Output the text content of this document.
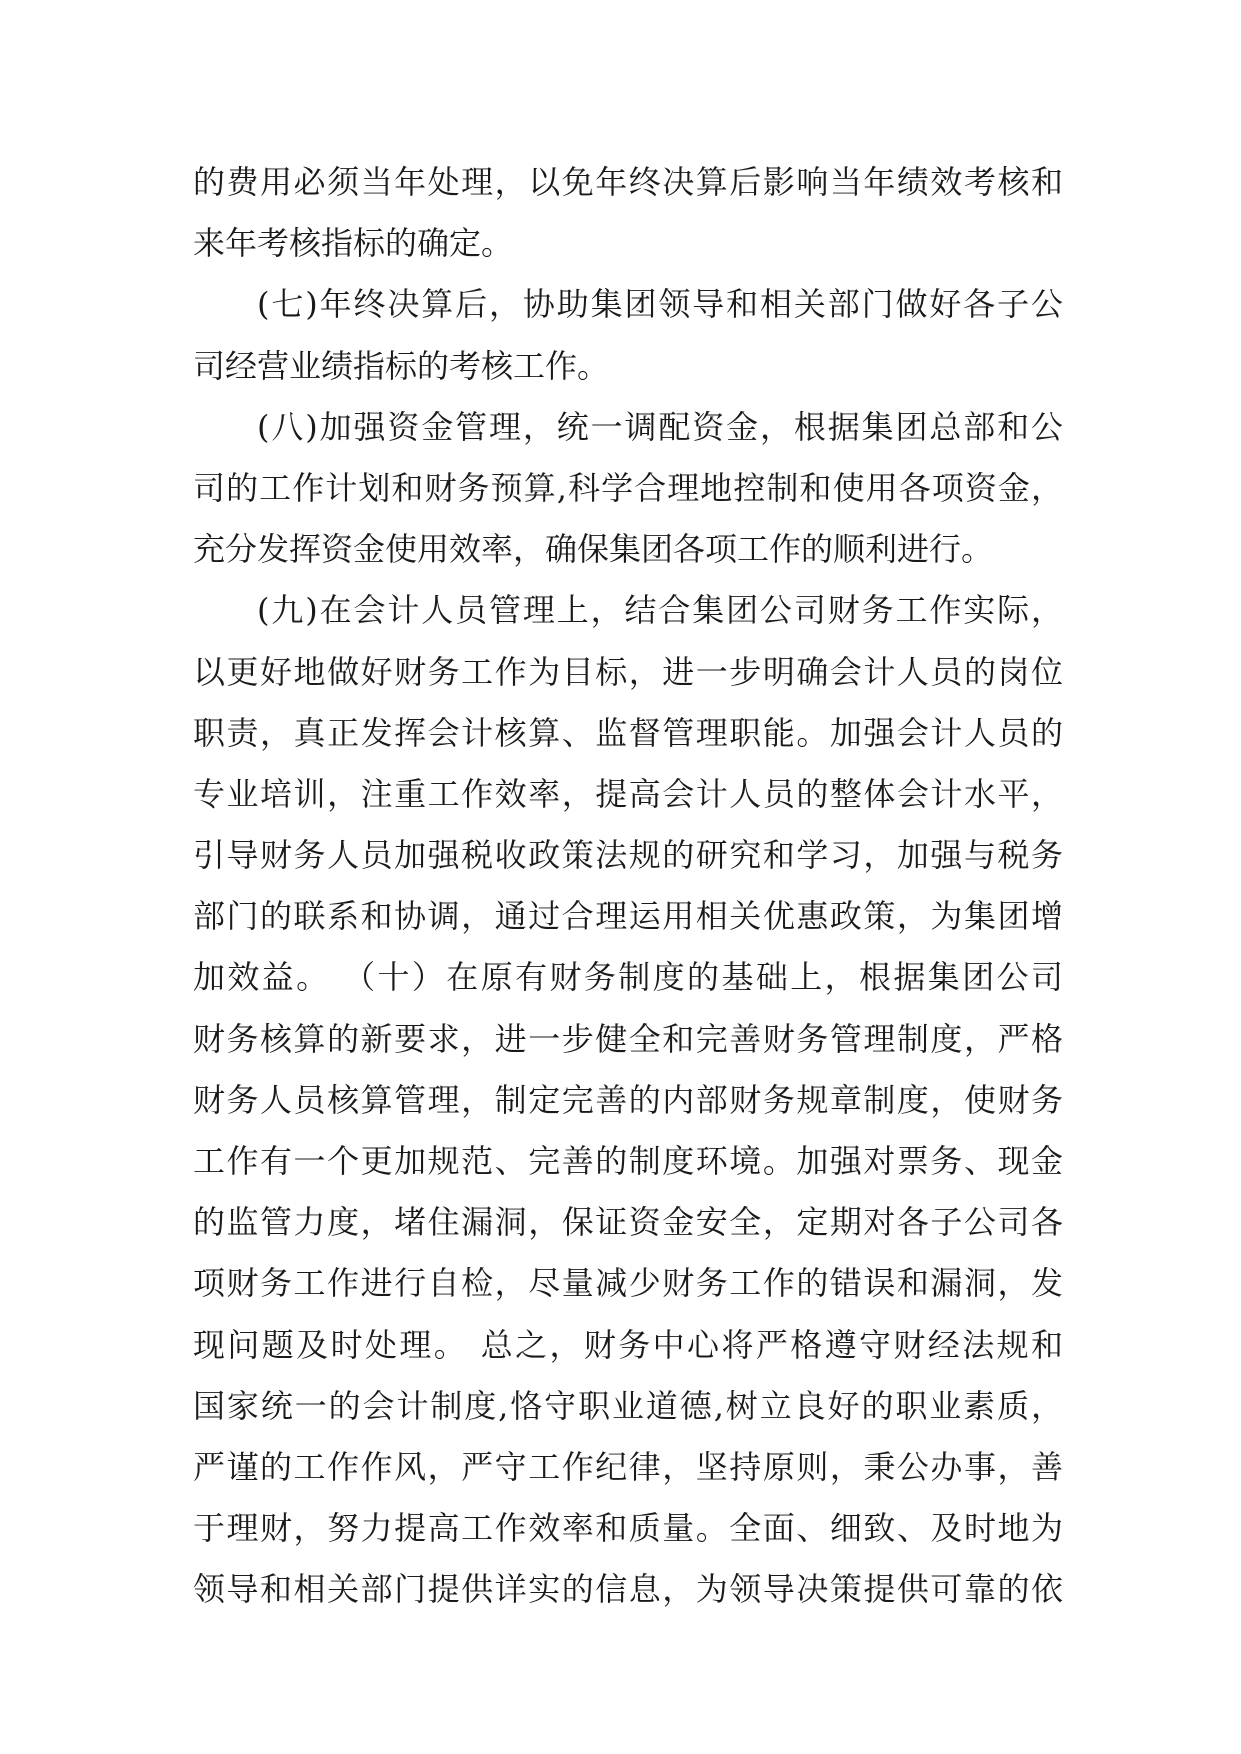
的费用必须当年处理，以免年终决算后影响当年绩效考核和
来年考核指标的确定。
(七)年终决算后，协助集团领导和相关部门做好各子公
司经营业绩指标的考核工作。
(八)加强资金管理，统一调配资金，根据集团总部和公
司的工作计划和财务预算,科学合理地控制和使用各项资金，
充分发挥资金使用效率，确保集团各项工作的顺利进行。
(九)在会计人员管理上，结合集团公司财务工作实际，
以更好地做好财务工作为目标，进一步明确会计人员的岗位
职责，真正发挥会计核算、监督管理职能。加强会计人员的
专业培训，注重工作效率，提高会计人员的整体会计水平，
引导财务人员加强税收政策法规的研究和学习，加强与税务
部门的联系和协调，通过合理运用相关优惠政策，为集团增
加效益。 （十）在原有财务制度的基础上，根据集团公司
财务核算的新要求，进一步健全和完善财务管理制度，严格
财务人员核算管理，制定完善的内部财务规章制度，使财务
工作有一个更加规范、完善的制度环境。加强对票务、现金
的监管力度，堵住漏洞，保证资金安全，定期对各子公司各
项财务工作进行自检，尽量减少财务工作的错误和漏洞，发
现问题及时处理。 总之，财务中心将严格遵守财经法规和
国家统一的会计制度,恪守职业道德,树立良好的职业素质，
严谨的工作作风，严守工作纪律，坚持原则，秉公办事，善
于理财，努力提高工作效率和质量。全面、细致、及时地为
领导和相关部门提供详实的信息，为领导决策提供可靠的依
